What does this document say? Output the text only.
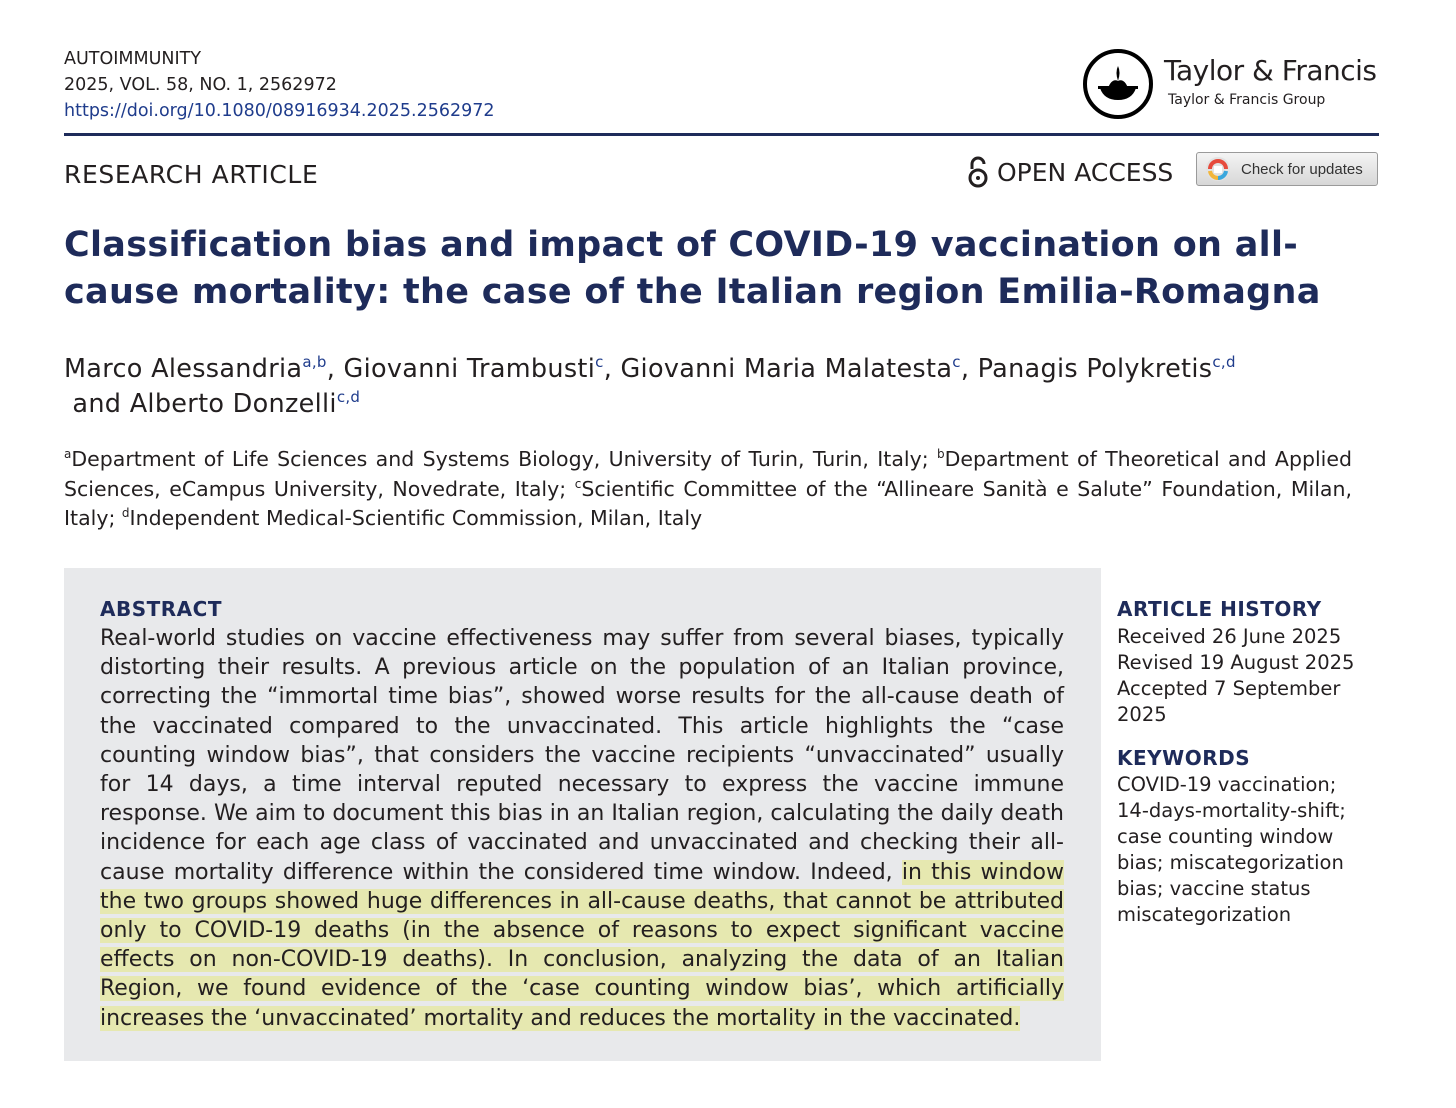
AUTOIMMUNITY
2025, VOL. 58, NO. 1, 2562972
https://doi.org/10.1080/08916934.2025.2562972
Taylor & Francis
Taylor & Francis Group
RESEARCH ARTICLE	OPEN ACCESS	Check for updates
Classification bias and impact of COVID-19 vaccination on all-cause mortality: the case of the Italian region Emilia-Romagna
Marco Alessandria$^{a,b}$, Giovanni Trambusti$^c$, Giovanni Maria Malatesta$^c$, Panagis Polykretis$^{c,d}$
and Alberto Donzelli$^{c,d}$
$^a$Department of Life Sciences and Systems Biology, University of Turin, Turin, Italy; $^b$Department of Theoretical and Applied Sciences, eCampus University, Novedrate, Italy; $^c$Scientific Committee of the “Allineare Sanità e Salute” Foundation, Milan, Italy; $^d$Independent Medical-Scientific Commission, Milan, Italy
ABSTRACT
Real-world studies on vaccine effectiveness may suffer from several biases, typically distorting their results. A previous article on the population of an Italian province, correcting the “immortal time bias”, showed worse results for the all-cause death of the vaccinated compared to the unvaccinated. This article highlights the “case counting window bias”, that considers the vaccine recipients “unvaccinated” usually for 14 days, a time interval reputed necessary to express the vaccine immune response. We aim to document this bias in an Italian region, calculating the daily death incidence for each age class of vaccinated and unvaccinated and checking their all-cause mortality difference within the considered time window. Indeed, in this window the two groups showed huge differences in all-cause deaths, that cannot be attributed only to COVID-19 deaths (in the absence of reasons to expect significant vaccine effects on non-COVID-19 deaths). In conclusion, analyzing the data of an Italian Region, we found evidence of the ‘case counting window bias’, which artificially increases the ‘unvaccinated’ mortality and reduces the mortality in the vaccinated.
ARTICLE HISTORY
Received 26 June 2025
Revised 19 August 2025
Accepted 7 September 2025
KEYWORDS
COVID-19 vaccination; 14-days-mortality-shift; case counting window bias; miscategorization bias; vaccine status miscategorization
